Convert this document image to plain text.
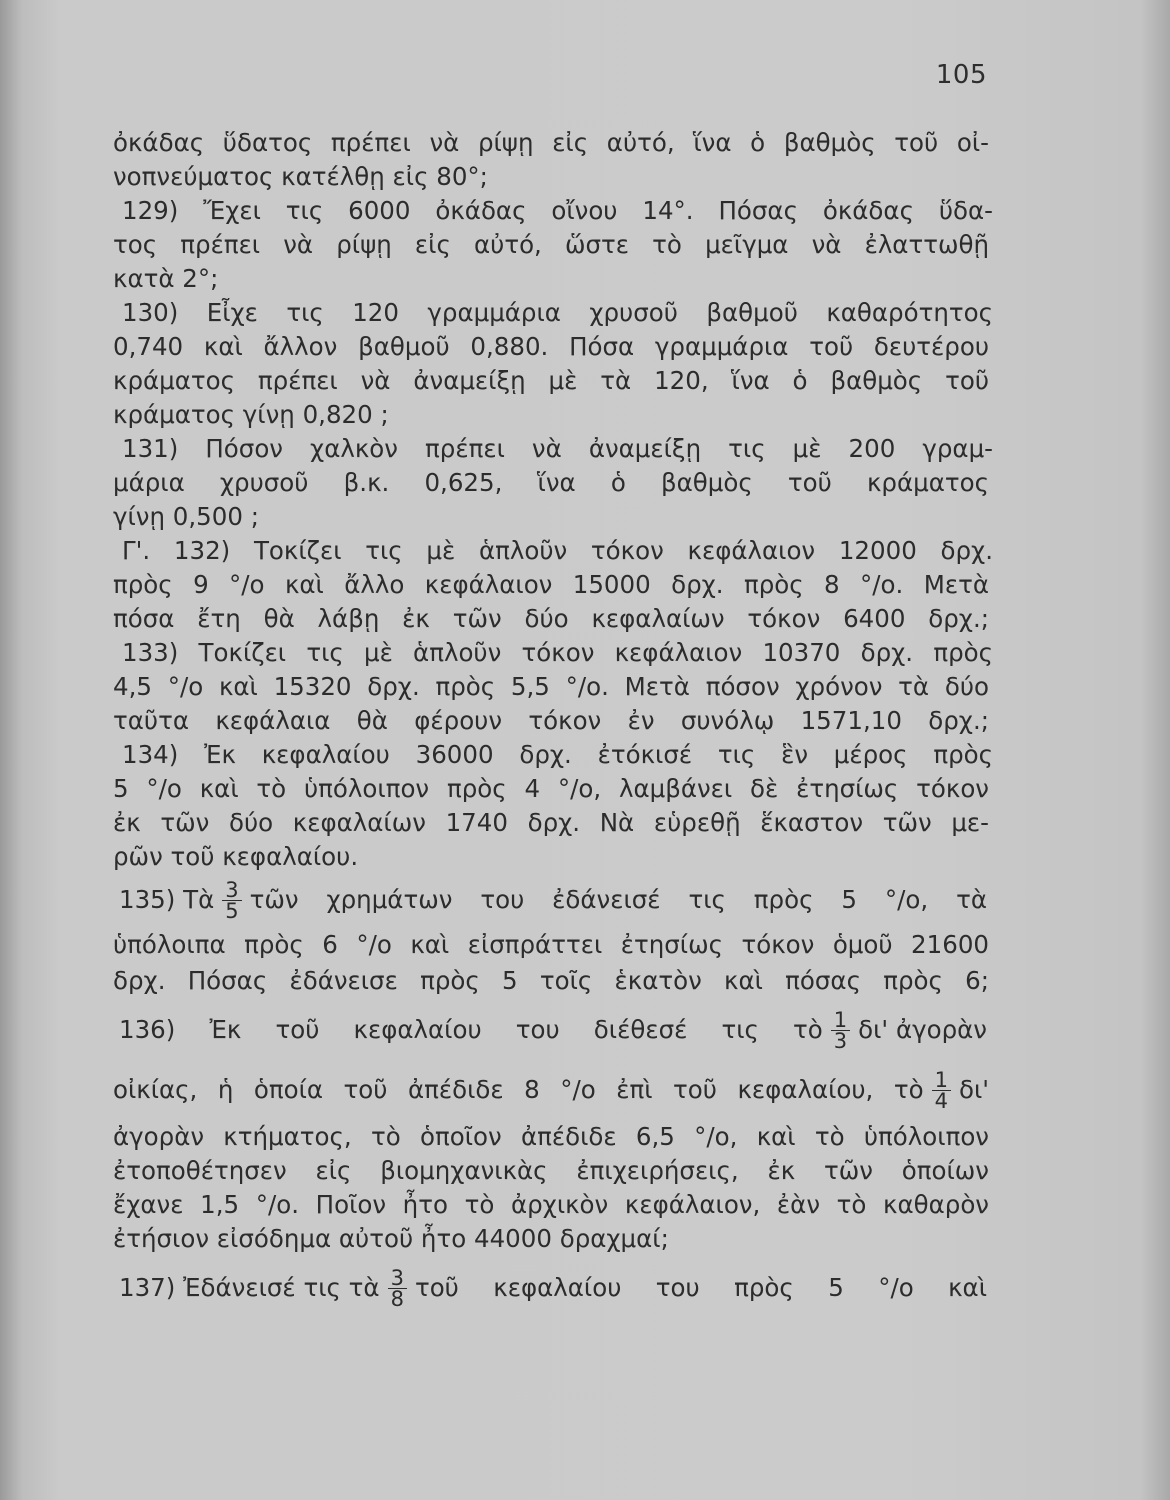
105
ὀκάδας ὕδατος πρέπει νὰ ρίψῃ εἰς αὐτό, ἵνα ὁ βαθμὸς τοῦ οἰ-
νοπνεύματος κατέλθῃ εἰς 80°;
129) Ἔχει τις 6000 ὀκάδας οἴνου 14°. Πόσας ὀκάδας ὕδα-
τος πρέπει νὰ ρίψῃ εἰς αὐτό, ὥστε τὸ μεῖγμα νὰ ἐλαττωθῇ
κατὰ 2°;
130) Εἶχε τις 120 γραμμάρια χρυσοῦ βαθμοῦ καθαρότητος
0,740 καὶ ἄλλον βαθμοῦ 0,880. Πόσα γραμμάρια τοῦ δευτέρου
κράματος πρέπει νὰ ἀναμείξῃ μὲ τὰ 120, ἵνα ὁ βαθμὸς τοῦ
κράματος γίνῃ 0,820 ;
131) Πόσον χαλκὸν πρέπει νὰ ἀναμείξῃ τις μὲ 200 γραμ-
μάρια χρυσοῦ β.κ. 0,625, ἵνα ὁ βαθμὸς τοῦ κράματος
γίνῃ 0,500 ;
Γ'. 132) Τοκίζει τις μὲ ἁπλοῦν τόκον κεφάλαιον 12000 δρχ.
πρὸς 9 °/ο καὶ ἄλλο κεφάλαιον 15000 δρχ. πρὸς 8 °/ο. Μετὰ
πόσα ἔτη θὰ λάβῃ ἐκ τῶν δύο κεφαλαίων τόκον 6400 δρχ.;
133) Τοκίζει τις μὲ ἁπλοῦν τόκον κεφάλαιον 10370 δρχ. πρὸς
4,5 °/ο καὶ 15320 δρχ. πρὸς 5,5 °/ο. Μετὰ πόσον χρόνον τὰ δύο
ταῦτα κεφάλαια θὰ φέρουν τόκον ἐν συνόλῳ 1571,10 δρχ.;
134) Ἐκ κεφαλαίου 36000 δρχ. ἐτόκισέ τις ἓν μέρος πρὸς
5 °/ο καὶ τὸ ὑπόλοιπον πρὸς 4 °/ο, λαμβάνει δὲ ἐτησίως τόκον
ἐκ τῶν δύο κεφαλαίων 1740 δρχ. Νὰ εὑρεθῇ ἕκαστον τῶν με-
ρῶν τοῦ κεφαλαίου.
135) Τὰ $\frac{3}{5}$ τῶν χρημάτων του ἐδάνεισέ τις πρὸς 5 °/ο, τὰ
ὑπόλοιπα πρὸς 6 °/ο καὶ εἰσπράττει ἐτησίως τόκον ὁμοῦ 21600
δρχ. Πόσας ἐδάνεισε πρὸς 5 τοῖς ἑκατὸν καὶ πόσας πρὸς 6;
136) Ἐκ τοῦ κεφαλαίου του διέθεσέ τις τὸ $\frac{1}{3} \delta\iota'$ ἀγορὰν
οἰκίας, ἡ ὁποία τοῦ ἀπέδιδε 8 °/ο ἐπὶ τοῦ κεφαλαίου, τὸ $\frac{1}{4} \delta\iota'$
ἀγορὰν κτήματος, τὸ ὁποῖον ἀπέδιδε 6,5 °/ο, καὶ τὸ ὑπόλοιπον
ἐτοποθέτησεν εἰς βιομηχανικὰς ἐπιχειρήσεις, ἐκ τῶν ὁποίων
ἔχανε 1,5 °/ο. Ποῖον ἦτο τὸ ἀρχικὸν κεφάλαιον, ἐὰν τὸ καθαρὸν
ἐτήσιον εἰσόδημα αὐτοῦ ἦτο 44000 δραχμαί;
137) Ἐδάνεισέ τις τὰ $\frac{3}{8}$ τοῦ κεφαλαίου του πρὸς 5 °/ο καὶ
